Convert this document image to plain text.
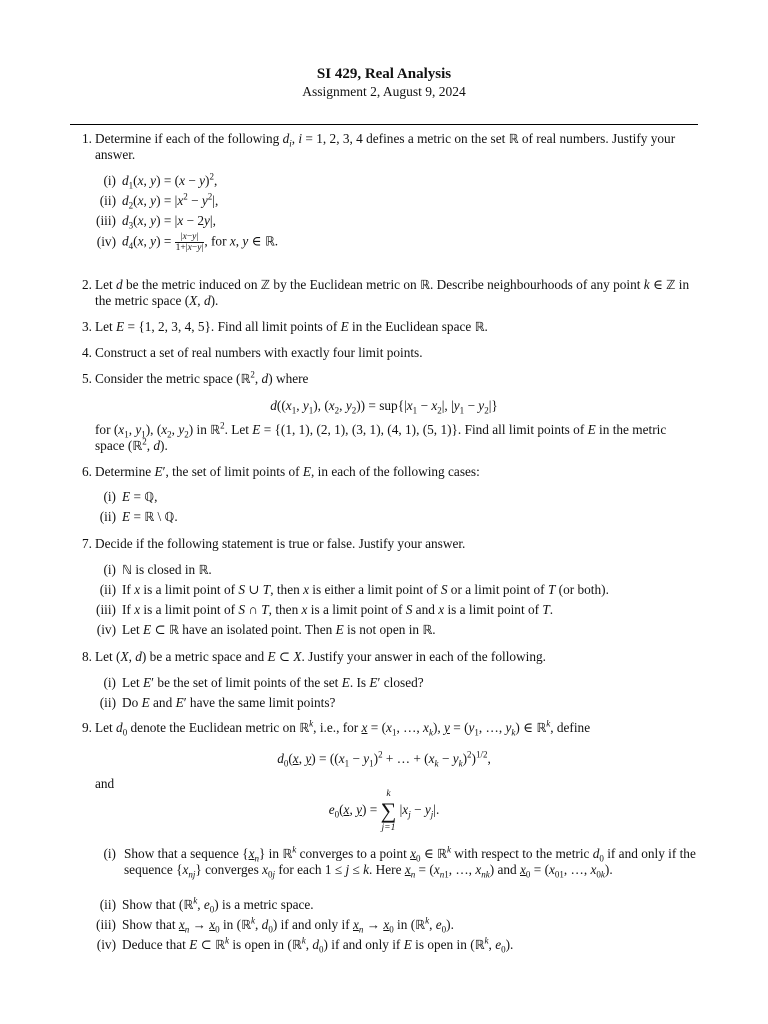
SI 429, Real Analysis
Assignment 2, August 9, 2024
1. Determine if each of the following $d_i$, i = 1, 2, 3, 4 defines a metric on the set ℝ of real numbers. Justify your answer.
(i) $d_1(x$, $y) = (x - y)^2$,
(ii) $d_2(x$, $y) = |x^2 - y^2|$,
(iii) $d_3(x$, y) = |x − 2y|,
(iv) $d_4(x$, $y) = \frac{|x-y|}{1+|x-y|}$ , for x, y ∈ ℝ.
2. Let d be the metric induced on ℤ by the Euclidean metric on ℝ. Describe neighbourhoods of any point k ∈ ℤ in the metric space (X, d).
3. Let E = {1, 2, 3, 4, 5}. Find all limit points of E in the Euclidean space ℝ.
4. Construct a set of real numbers with exactly four limit points.
5. Consider the metric space (ℝ$^2$, d) where
$d((x_1$, $y_1$), ($x_2$, $y_2)) = sup\{|x_1 - x_2|$, $|y_1 - y_2|$}
for ($x_1$, $y_1$), ($x_2$, $y_2$) in ℝ$^2$. Let E = {(1, 1), (2, 1), (3, 1), (4, 1), (5, 1)}. Find all limit points of E in the metric space (ℝ$^2$, d).
6. Determine E′, the set of limit points of E, in each of the following cases:
(i) E = ℚ,
(ii) E = ℝ \ ℚ.
7. Decide if the following statement is true or false. Justify your answer.
(i) ℕ is closed in ℝ.
(ii) If x is a limit point of S ∪ T, then x is either a limit point of S or a limit point of T (or both).
(iii) If x is a limit point of S ∩ T, then x is a limit point of S and x is a limit point of T.
(iv) Let E ⊂ ℝ have an isolated point. Then E is not open in ℝ.
8. Let (X, d) be a metric space and E ⊂ X. Justify your answer in each of the following.
(i) Let E′ be the set of limit points of the set E. Is E′ closed?
(ii) Do E and E′ have the same limit points?
9. Let $d_0$ denote the Euclidean metric on ℝ$^k$, i.e., for $x = (x_1$, …, $x_k$), $y = (y_1$, …, $y_k$) ∈ ℝ$^k$, define
$d_0(x$, $y) = ((x_1 - y_1)^2$ + … + $(x_k - y_k)^2)^{1/2}$,
and
$e_0(x$, y) =
k
∑
j=1
$|x_j - y_j|$.
(i) Show that a sequence $\{x_n\}$ in ℝ$^k$ converges to a point $x_0$ ∈ ℝ$^k$ with respect to the metric $d_0$ if and only if the sequence $\{x_{nj}\}$ converges $x_{0j}$ for each 1 ≤ j ≤ k. Here $x_n = (x_{n1}$, …, $x_{nk}$) and $x_0 = (x_{01}$, …, $x_{0k}$).
(ii) Show that (ℝ$^k$, $e_0$) is a metric space.
(iii) Show that $x_n \to x_0$ in (ℝ$^k$, $d_0$) if and only if $x_n \to x_0$ in (ℝ$^k$, $e_0$).
(iv) Deduce that E ⊂ ℝ$^k$ is open in (ℝ$^k$, $d_0$) if and only if E is open in (ℝ$^k$, $e_0$).
